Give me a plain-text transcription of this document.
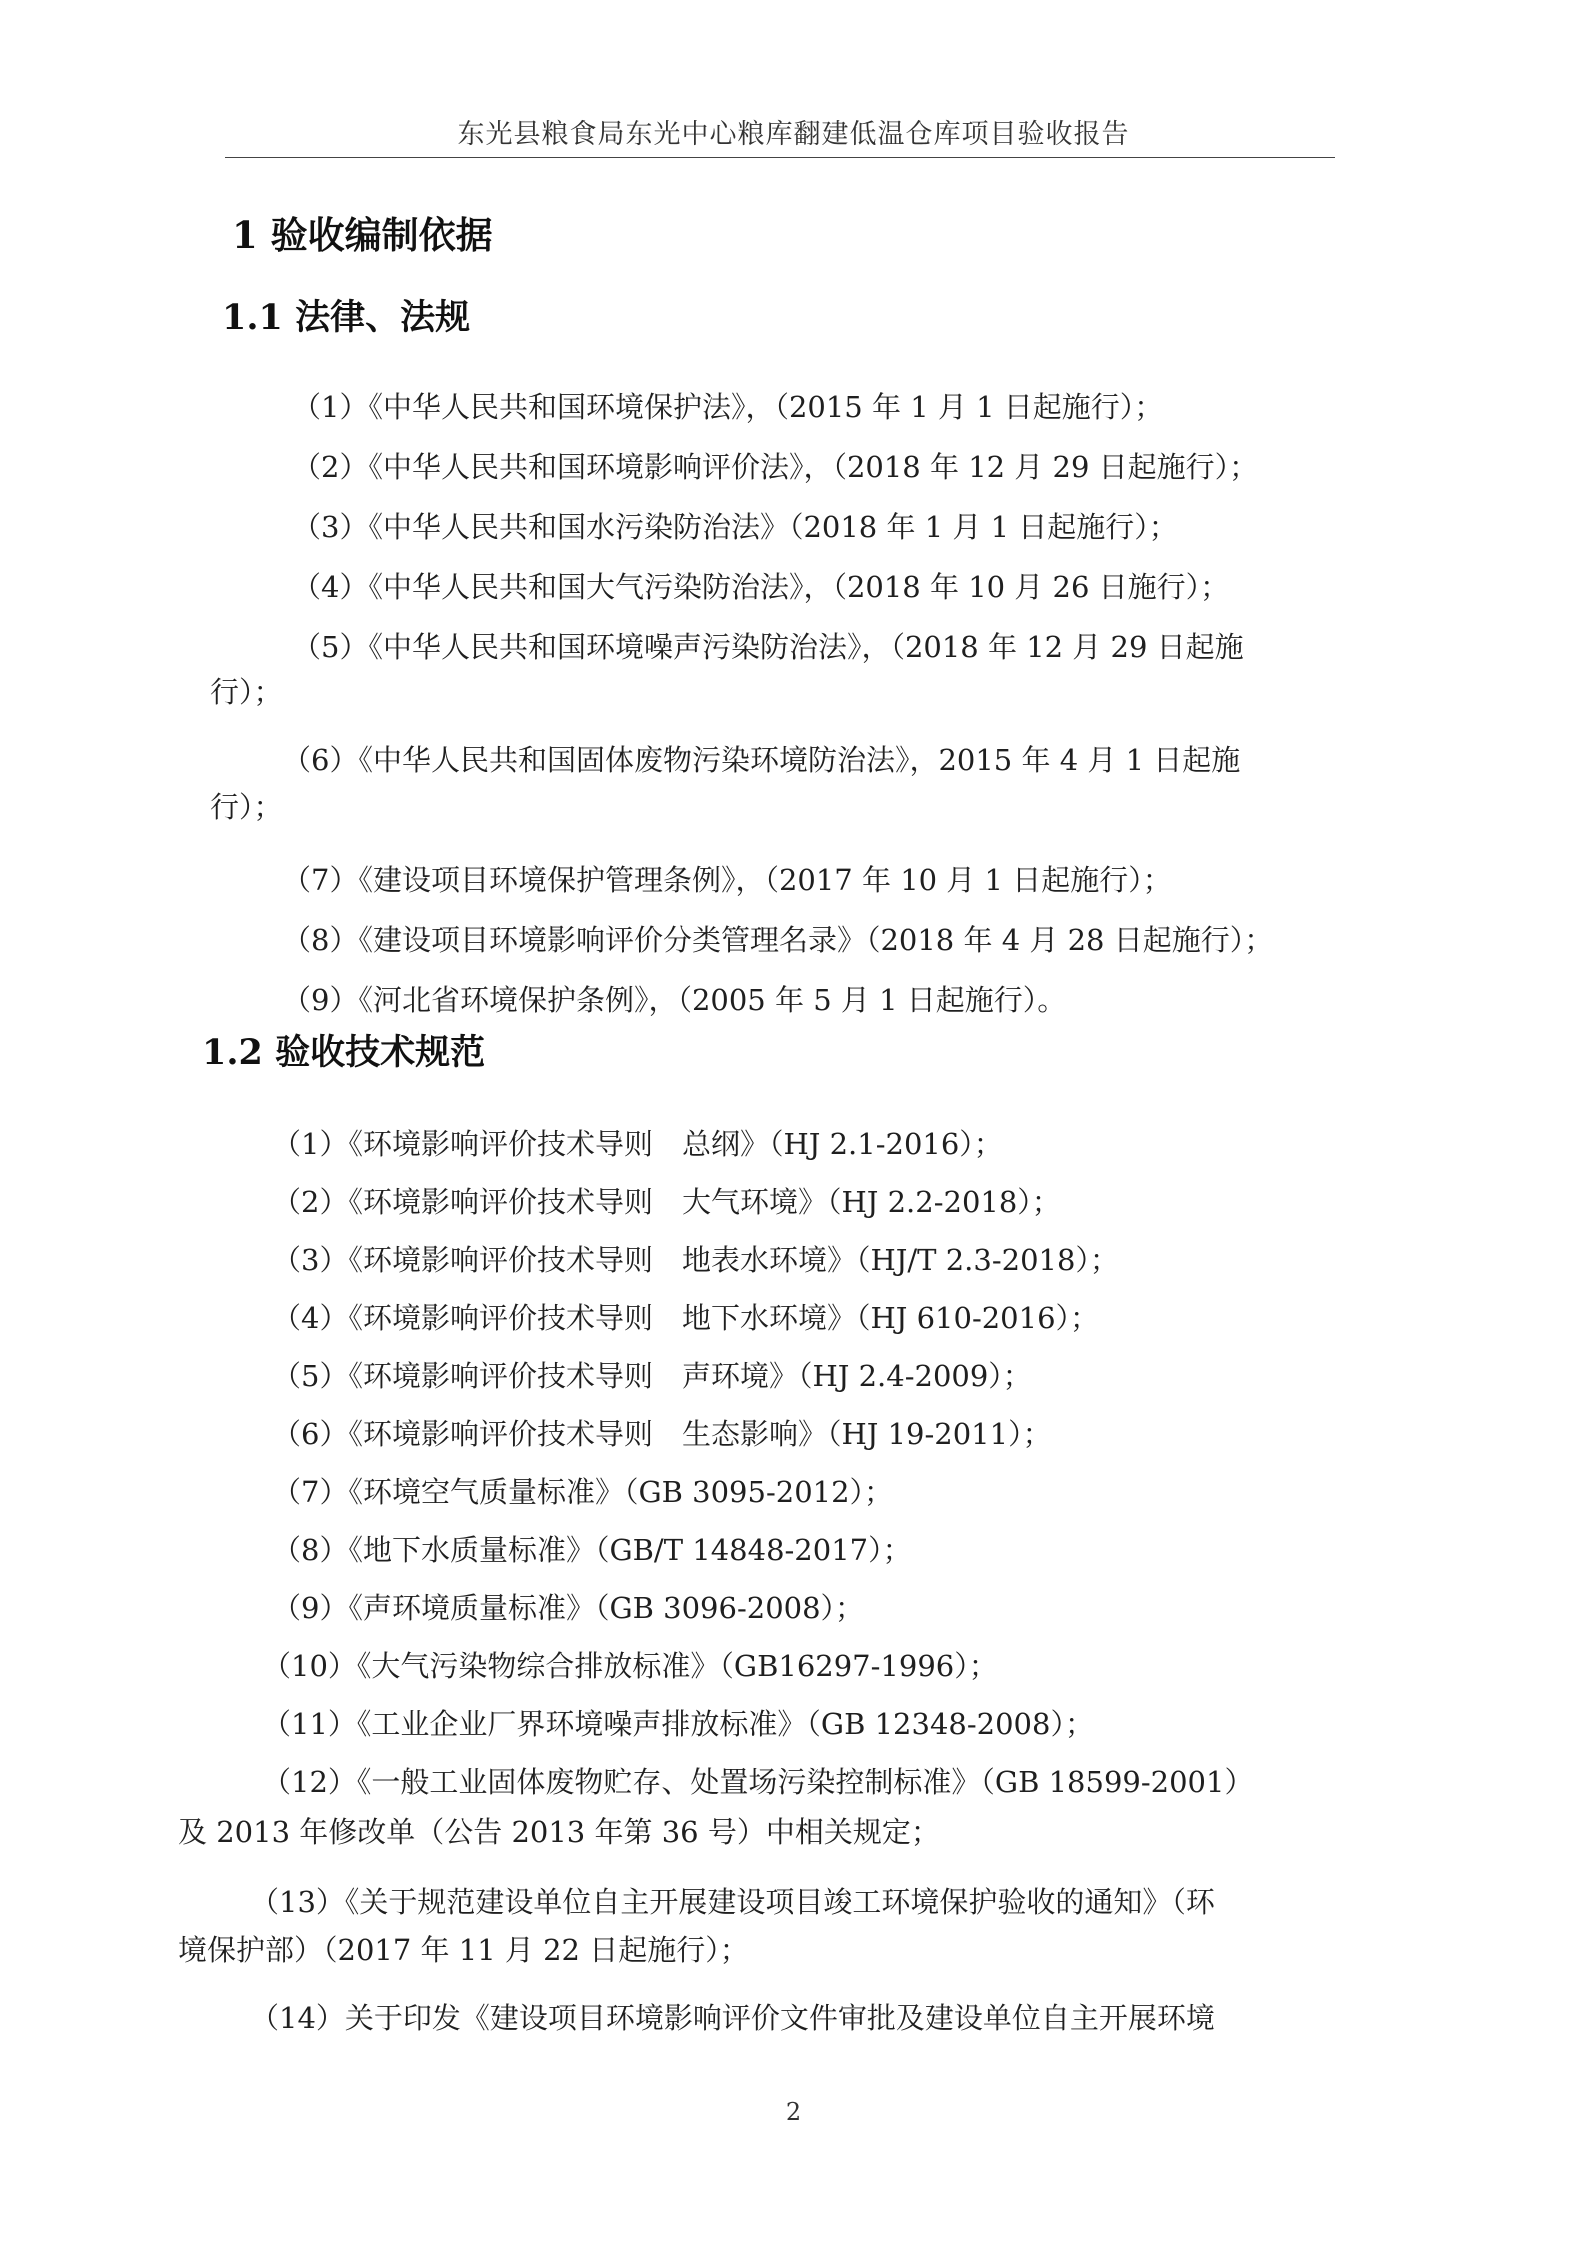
东光县粮食局东光中心粮库翻建低温仓库项目验收报告
1 验收编制依据
1.1 法律、法规
（1）《中华人民共和国环境保护法》，（2015 年 1 月 1 日起施行）；
（2）《中华人民共和国环境影响评价法》，（2018 年 12 月 29 日起施行）；
（3）《中华人民共和国水污染防治法》（2018 年 1 月 1 日起施行）；
（4）《中华人民共和国大气污染防治法》，（2018 年 10 月 26 日施行）；
（5）《中华人民共和国环境噪声污染防治法》，（2018 年 12 月 29 日起施
行）；
（6）《中华人民共和国固体废物污染环境防治法》，2015 年 4 月 1 日起施
行）；
（7）《建设项目环境保护管理条例》，（2017 年 10 月 1 日起施行）；
（8）《建设项目环境影响评价分类管理名录》（2018 年 4 月 28 日起施行）；
（9）《河北省环境保护条例》，（2005 年 5 月 1 日起施行）。
1.2 验收技术规范
（1）《环境影响评价技术导则　总纲》（HJ 2.1-2016）；
（2）《环境影响评价技术导则　大气环境》（HJ 2.2-2018）；
（3）《环境影响评价技术导则　地表水环境》（HJ/T 2.3-2018）；
（4）《环境影响评价技术导则　地下水环境》（HJ 610-2016）；
（5）《环境影响评价技术导则　声环境》（HJ 2.4-2009）；
（6）《环境影响评价技术导则　生态影响》（HJ 19-2011）；
（7）《环境空气质量标准》（GB 3095-2012）；
（8）《地下水质量标准》（GB/T 14848-2017）；
（9）《声环境质量标准》（GB 3096-2008）；
（10）《大气污染物综合排放标准》（GB16297-1996）；
（11）《工业企业厂界环境噪声排放标准》（GB 12348-2008）；
（12）《一般工业固体废物贮存、处置场污染控制标准》（GB 18599-2001）
及 2013 年修改单（公告 2013 年第 36 号）中相关规定；
（13）《关于规范建设单位自主开展建设项目竣工环境保护验收的通知》（环
境保护部）（2017 年 11 月 22 日起施行）；
（14）关于印发《建设项目环境影响评价文件审批及建设单位自主开展环境
2
